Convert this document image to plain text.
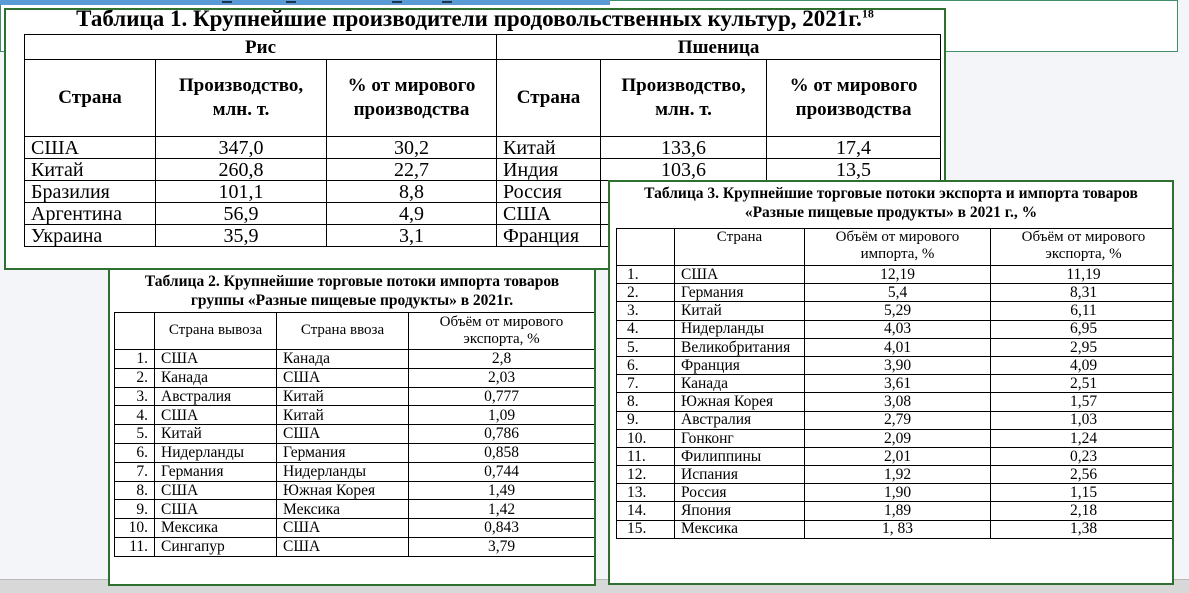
Таблица 1. Крупнейшие производители продовольственных культур, 2021г.$^{18}$
Рис			Пшеница		
Страна	Производство, млн. т.	% от мирового производства	Страна	Производство, млн. т.	% от мирового производства
США	347,0	30,2	Китай	133,6	17,4
Китай	260,8	22,7	Индия	103,6	13,5
Бразилия	101,1	8,8	Россия		
Аргентина	56,9	4,9	США		
Украина	35,9	3,1	Франция		
Таблица 2. Крупнейшие торговые потоки импорта товаров
группы «Разные пищевые продукты» в 2021г.
	Страна вывоза	Страна ввоза	Объём от мирового экспорта, %
1.	США	Канада	2,8
2.	Канада	США	2,03
3.	Австралия	Китай	0,777
4.	США	Китай	1,09
5.	Китай	США	0,786
6.	Нидерланды	Германия	0,858
7.	Германия	Нидерланды	0,744
8.	США	Южная Корея	1,49
9.	США	Мексика	1,42
10.	Мексика	США	0,843
11.	Сингапур	США	3,79
Таблица 3. Крупнейшие торговые потоки экспорта и импорта товаров
«Разные пищевые продукты» в 2021 г., %
	Страна	Объём от мирового импорта, %	Объём от мирового экспорта, %
1.	США	12,19	11,19
2.	Германия	5,4	8,31
3.	Китай	5,29	6,11
4.	Нидерланды	4,03	6,95
5.	Великобритания	4,01	2,95
6.	Франция	3,90	4,09
7.	Канада	3,61	2,51
8.	Южная Корея	3,08	1,57
9.	Австралия	2,79	1,03
10.	Гонконг	2,09	1,24
11.	Филиппины	2,01	0,23
12.	Испания	1,92	2,56
13.	Россия	1,90	1,15
14.	Япония	1,89	2,18
15.	Мексика	1, 83	1,38
